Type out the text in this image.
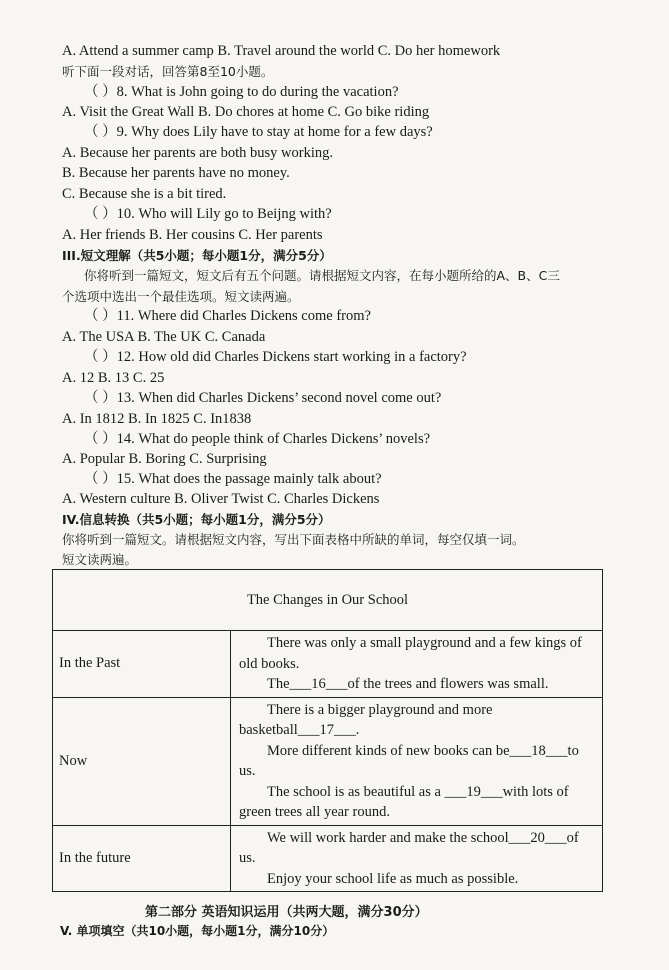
A. Attend a summer camp B. Travel around the world C. Do her homework
听下面一段对话，回答第8至10小题。
（ ）8. What is John going to do during the vacation?
A. Visit the Great Wall B. Do chores at home C. Go bike riding
（ ）9. Why does Lily have to stay at home for a few days?
A. Because her parents are both busy working.
B. Because her parents have no money.
C. Because she is a bit tired.
（ ）10. Who will Lily go to Beijng with?
A. Her friends B. Her cousins C. Her parents
III.短文理解（共5小题；每小题1分，满分5分）
你将听到一篇短文，短文后有五个问题。请根据短文内容，在每小题所给的A、B、C三
个选项中选出一个最佳选项。短文读两遍。
（ ）11. Where did Charles Dickens come from?
A. The USA B. The UK C. Canada
（ ）12. How old did Charles Dickens start working in a factory?
A. 12 B. 13 C. 25
（ ）13. When did Charles Dickens’ second novel come out?
A. In 1812 B. In 1825 C. In1838
（ ）14. What do people think of Charles Dickens’ novels?
A. Popular B. Boring C. Surprising
（ ）15. What does the passage mainly talk about?
A. Western culture B. Oliver Twist C. Charles Dickens
IV.信息转换（共5小题；每小题1分，满分5分）
你将听到一篇短文。请根据短文内容，写出下面表格中所缺的单词，每空仅填一词。
短文读两遍。
The Changes in Our School	
In the Past	There was only a small playground and a few kings of old books.

The___16___of the trees and flowers was small.

Now	There is a bigger playground and more basketball___17___.

More different kinds of new books can be___18___to us.

The school is as beautiful as a ___19___with lots of green trees all year round.

In the future	We will work harder and make the school___20___of us.

Enjoy your school life as much as possible.

第二部分 英语知识运用（共两大题，满分30分）
V. 单项填空（共10小题，每小题1分，满分10分）
